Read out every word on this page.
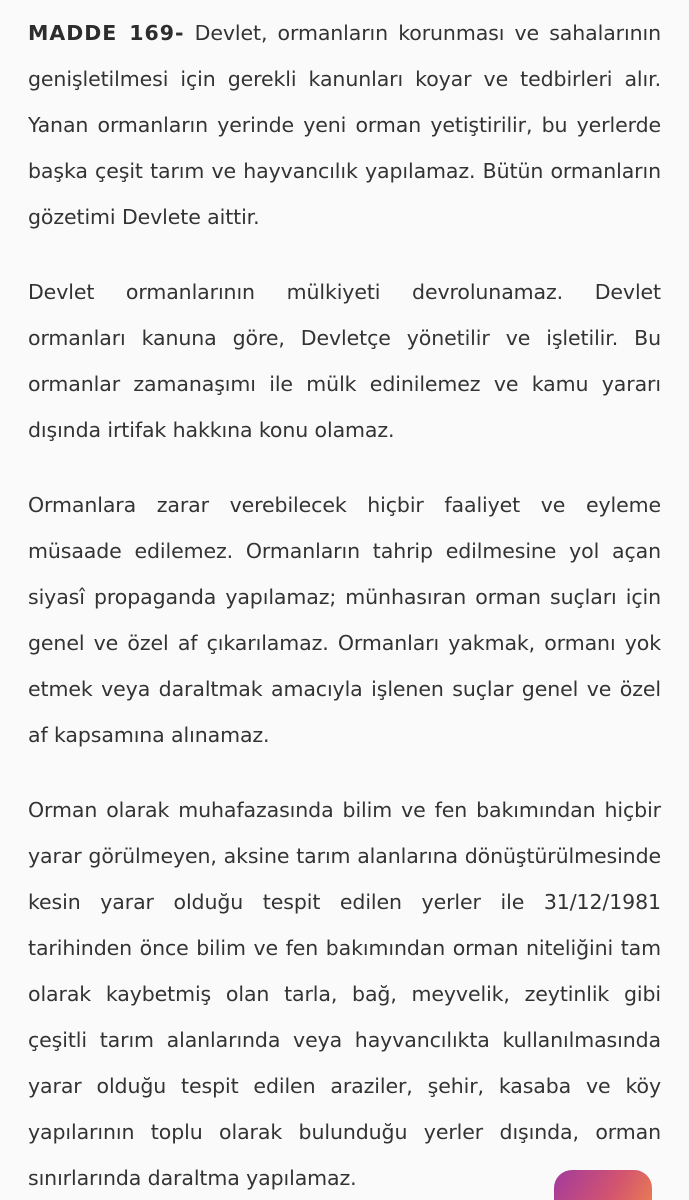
MADDE 169- Devlet, ormanların korunması ve sahalarının genişletilmesi için gerekli kanunları koyar ve tedbirleri alır. Yanan ormanların yerinde yeni orman yetiştirilir, bu yerlerde başka çeşit tarım ve hayvancılık yapılamaz. Bütün ormanların gözetimi Devlete aittir.

Devlet ormanlarının mülkiyeti devrolunamaz. Devlet ormanları kanuna göre, Devletçe yönetilir ve işletilir. Bu ormanlar zamanaşımı ile mülk edinilemez ve kamu yararı dışında irtifak hakkına konu olamaz.

Ormanlara zarar verebilecek hiçbir faaliyet ve eyleme müsaade edilemez. Ormanların tahrip edilmesine yol açan siyasî propaganda yapılamaz; münhasıran orman suçları için genel ve özel af çıkarılamaz. Ormanları yakmak, ormanı yok etmek veya daraltmak amacıyla işlenen suçlar genel ve özel af kapsamına alınamaz.

Orman olarak muhafazasında bilim ve fen bakımından hiçbir yarar görülmeyen, aksine tarım alanlarına dönüştürülmesinde kesin yarar olduğu tespit edilen yerler ile 31/12/1981 tarihinden önce bilim ve fen bakımından orman niteliğini tam olarak kaybetmiş olan tarla, bağ, meyvelik, zeytinlik gibi çeşitli tarım alanlarında veya hayvancılıkta kullanılmasında yarar olduğu tespit edilen araziler, şehir, kasaba ve köy yapılarının toplu olarak bulunduğu yerler dışında, orman sınırlarında daraltma yapılamaz.
